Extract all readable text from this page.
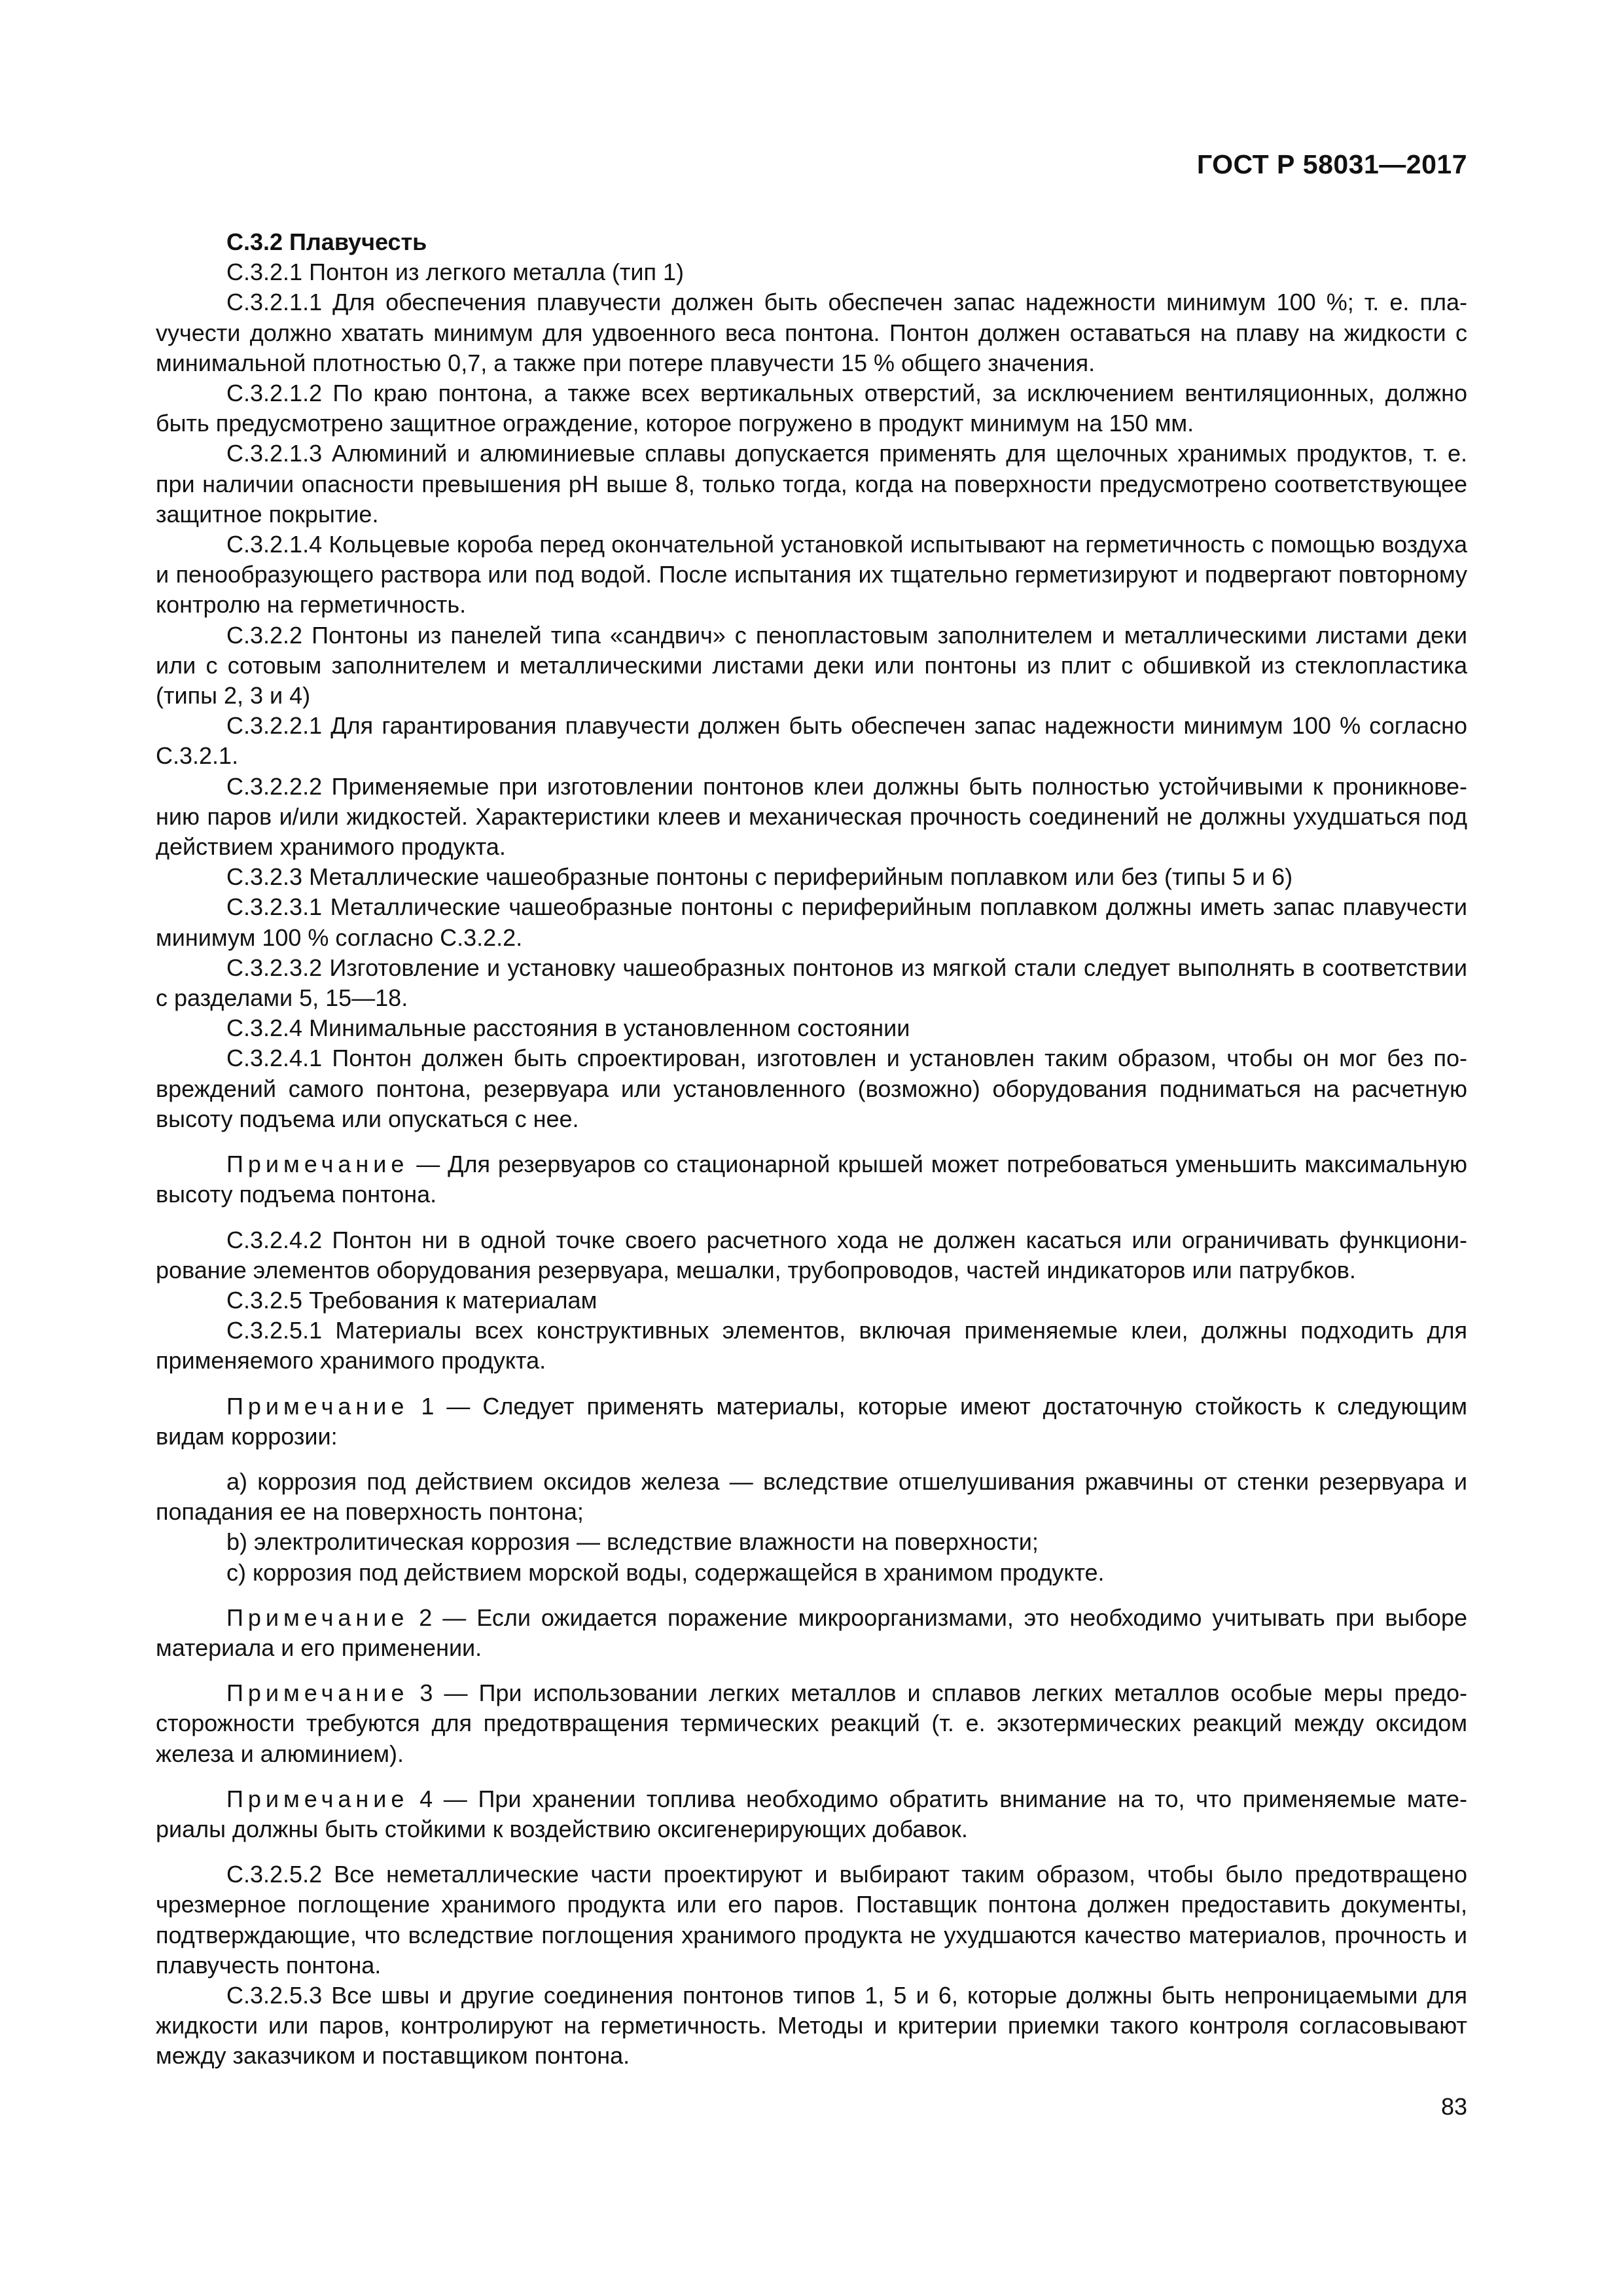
ГОСТ Р 58031—2017

С.3.2 Плавучесть

С.3.2.1 Понтон из легкого металла (тип 1)

С.3.2.1.1 Для обеспечения плавучести должен быть обеспечен запас надежности минимум 100 %; т. е. плаvучести должно хватать минимум для удвоенного веса понтона. Понтон должен оставаться на плаву на жидкости с минимальной плотностью 0,7, а также при потере плавучести 15 % общего значения.

С.3.2.1.2 По краю понтона, а также всех вертикальных отверстий, за исключением вентиляционных, должно быть предусмотрено защитное ограждение, которое погружено в продукт минимум на 150 мм.

С.3.2.1.3 Алюминий и алюминиевые сплавы допускается применять для щелочных хранимых продуктов, т. е. при наличии опасности превышения рН выше 8, только тогда, когда на поверхности предусмотрено соответствующее защитное покрытие.

С.3.2.1.4 Кольцевые короба перед окончательной установкой испытывают на герметичность с помощью воздуха и пенообразующего раствора или под водой. После испытания их тщательно герметизируют и подвергают повторному контролю на герметичность.

С.3.2.2 Понтоны из панелей типа «сандвич» с пенопластовым заполнителем и металлическими листами деки или с сотовым заполнителем и металлическими листами деки или понтоны из плит с обшивкой из стеклопластика (типы 2, 3 и 4)

С.3.2.2.1 Для гарантирования плавучести должен быть обеспечен запас надежности минимум 100 % согласно С.3.2.1.

С.3.2.2.2 Применяемые при изготовлении понтонов клеи должны быть полностью устойчивыми к проникновению паров и/или жидкостей. Характеристики клеев и механическая прочность соединений не должны ухудшаться под действием хранимого продукта.

С.3.2.3 Металлические чашеобразные понтоны с периферийным поплавком или без (типы 5 и 6)

С.3.2.3.1 Металлические чашеобразные понтоны с периферийным поплавком должны иметь запас плавучести минимум 100 % согласно С.3.2.2.

С.3.2.3.2 Изготовление и установку чашеобразных понтонов из мягкой стали следует выполнять в соответствии с разделами 5, 15—18.

С.3.2.4 Минимальные расстояния в установленном состоянии

С.3.2.4.1 Понтон должен быть спроектирован, изготовлен и установлен таким образом, чтобы он мог без повреждений самого понтона, резервуара или установленного (возможно) оборудования подниматься на расчетную высоту подъема или опускаться с нее.

Примечание — Для резервуаров со стационарной крышей может потребоваться уменьшить максимальную высоту подъема понтона.

С.3.2.4.2 Понтон ни в одной точке своего расчетного хода не должен касаться или ограничивать функционирование элементов оборудования резервуара, мешалки, трубопроводов, частей индикаторов или патрубков.

С.3.2.5 Требования к материалам

С.3.2.5.1 Материалы всех конструктивных элементов, включая применяемые клеи, должны подходить для применяемого хранимого продукта.

Примечание 1 — Следует применять материалы, которые имеют достаточную стойкость к следующим видам коррозии:

a) коррозия под действием оксидов железа — вследствие отшелушивания ржавчины от стенки резервуара и попадания ее на поверхность понтона;

b) электролитическая коррозия — вследствие влажности на поверхности;

c) коррозия под действием морской воды, содержащейся в хранимом продукте.

Примечание 2 — Если ожидается поражение микроорганизмами, это необходимо учитывать при выборе материала и его применении.

Примечание 3 — При использовании легких металлов и сплавов легких металлов особые меры предосторожности требуются для предотвращения термических реакций (т. е. экзотермических реакций между оксидом железа и алюминием).

Примечание 4 — При хранении топлива необходимо обратить внимание на то, что применяемые материалы должны быть стойкими к воздействию оксигенерирующих добавок.

С.3.2.5.2 Все неметаллические части проектируют и выбирают таким образом, чтобы было предотвращено чрезмерное поглощение хранимого продукта или его паров. Поставщик понтона должен предоставить документы, подтверждающие, что вследствие поглощения хранимого продукта не ухудшаются качество материалов, прочность и плавучесть понтона.

С.3.2.5.3 Все швы и другие соединения понтонов типов 1, 5 и 6, которые должны быть непроницаемыми для жидкости или паров, контролируют на герметичность. Методы и критерии приемки такого контроля согласовывают между заказчиком и поставщиком понтона.

83
